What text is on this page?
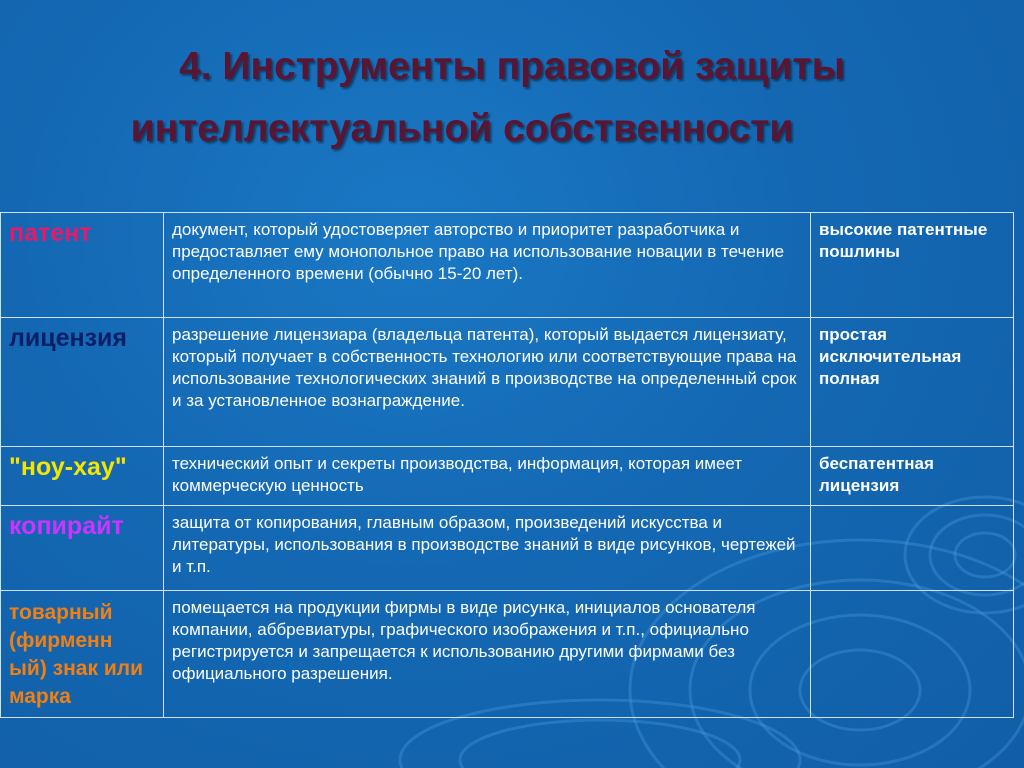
4. Инструменты правовой защиты
интеллектуальной собственности
патент	документ, который удостоверяет авторство и приоритет разработчика и предоставляет ему монопольное право на использование новации в течение определенного времени (обычно 15-20 лет).	высокие патентные пошлины
лицензия	разрешение лицензиара (владельца патента), который выдается лицензиату, который получает в собственность технологию или соответствующие права на использование технологических знаний в производстве на определенный срок и за установленное вознаграждение.	простая исключительная полная
"ноу-хау"	технический опыт и секреты производства, информация, которая имеет коммерческую ценность	беспатентная лицензия
копирайт	защита от копирования, главным образом, произведений искусства и литературы, использования в производстве знаний в виде рисунков, чертежей и т.п.	
товарный (фирменн ый) знак или марка	помещается на продукции фирмы в виде рисунка, инициалов основателя компании, аббревиатуры, графического изображения и т.п., официально регистрируется и запрещается к использованию другими фирмами без официального разрешения.	
